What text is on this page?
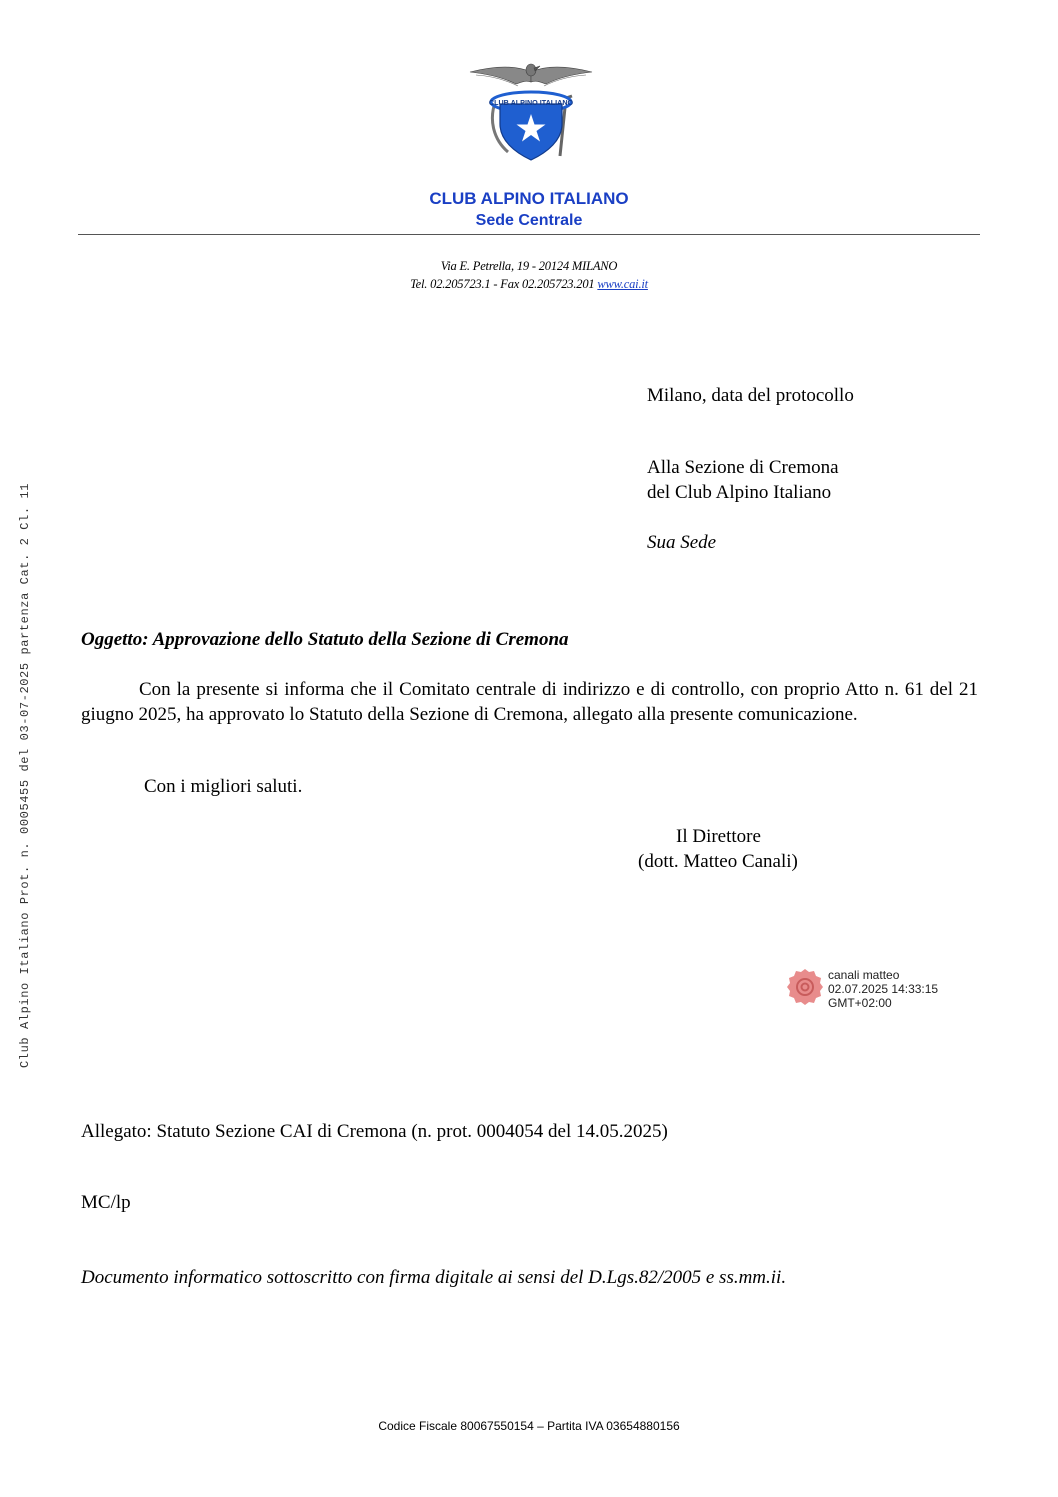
CLUB ALPINO ITALIANO
CLUB ALPINO ITALIANO
Sede Centrale
Via E. Petrella, 19 - 20124 MILANO
Tel. 02.205723.1 - Fax 02.205723.201 www.cai.it
Milano, data del protocollo
Alla Sezione di Cremona
del Club Alpino Italiano
Sua Sede
Oggetto: Approvazione dello Statuto della Sezione di Cremona
Con la presente si informa che il Comitato centrale di indirizzo e di controllo, con proprio Atto n. 61 del 21 giugno 2025, ha approvato lo Statuto della Sezione di Cremona, allegato alla presente comunicazione.
Con i migliori saluti.
Il Direttore
(dott. Matteo Canali)
canali matteo
02.07.2025 14:33:15
GMT+02:00
Allegato: Statuto Sezione CAI di Cremona (n. prot. 0004054 del 14.05.2025)
MC/lp
Documento informatico sottoscritto con firma digitale ai sensi del D.Lgs.82/2005 e ss.mm.ii.
Codice Fiscale 80067550154 – Partita IVA 03654880156
Club Alpino Italiano Prot. n. 0005455 del 03-07-2025 partenza Cat. 2 Cl. 11
